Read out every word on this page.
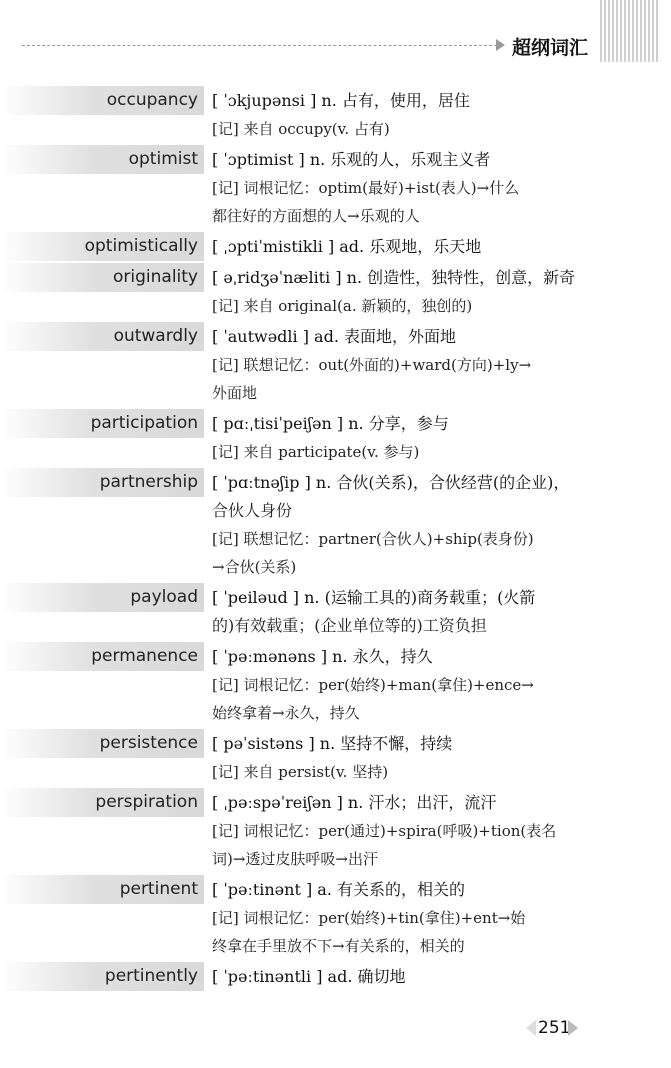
超纲词汇
occupancy [ ˈɔkjupənsi ] n. 占有，使用，居住
[记] 来自 occupy(v. 占有)
optimist [ ˈɔptimist ] n. 乐观的人，乐观主义者
[记] 词根记忆：optim(最好)+ist(表人)→什么
都往好的方面想的人→乐观的人
optimistically [ ˌɔptiˈmistikli ] ad. 乐观地，乐天地
originality [ əˌridʒəˈnæliti ] n. 创造性，独特性，创意，新奇
[记] 来自 original(a. 新颖的，独创的)
outwardly [ ˈautwədli ] ad. 表面地，外面地
[记] 联想记忆：out(外面的)+ward(方向)+ly→
外面地
participation [ pɑːˌtisiˈpeiʃən ] n. 分享，参与
[记] 来自 participate(v. 参与)
partnership [ ˈpɑːtnəʃip ] n. 合伙(关系)，合伙经营(的企业)，
合伙人身份
[记] 联想记忆：partner(合伙人)+ship(表身份)
→合伙(关系)
payload [ ˈpeiləud ] n. (运输工具的)商务载重；(火箭
的)有效载重；(企业单位等的)工资负担
permanence [ ˈpəːmənəns ] n. 永久，持久
[记] 词根记忆：per(始终)+man(拿住)+ence→
始终拿着→永久，持久
persistence [ pəˈsistəns ] n. 坚持不懈，持续
[记] 来自 persist(v. 坚持)
perspiration [ ˌpəːspəˈreiʃən ] n. 汗水；出汗，流汗
[记] 词根记忆：per(通过)+spira(呼吸)+tion(表名
词)→透过皮肤呼吸→出汗
pertinent [ ˈpəːtinənt ] a. 有关系的，相关的
[记] 词根记忆：per(始终)+tin(拿住)+ent→始
终拿在手里放不下→有关系的，相关的
pertinently [ ˈpəːtinəntli ] ad. 确切地
251
